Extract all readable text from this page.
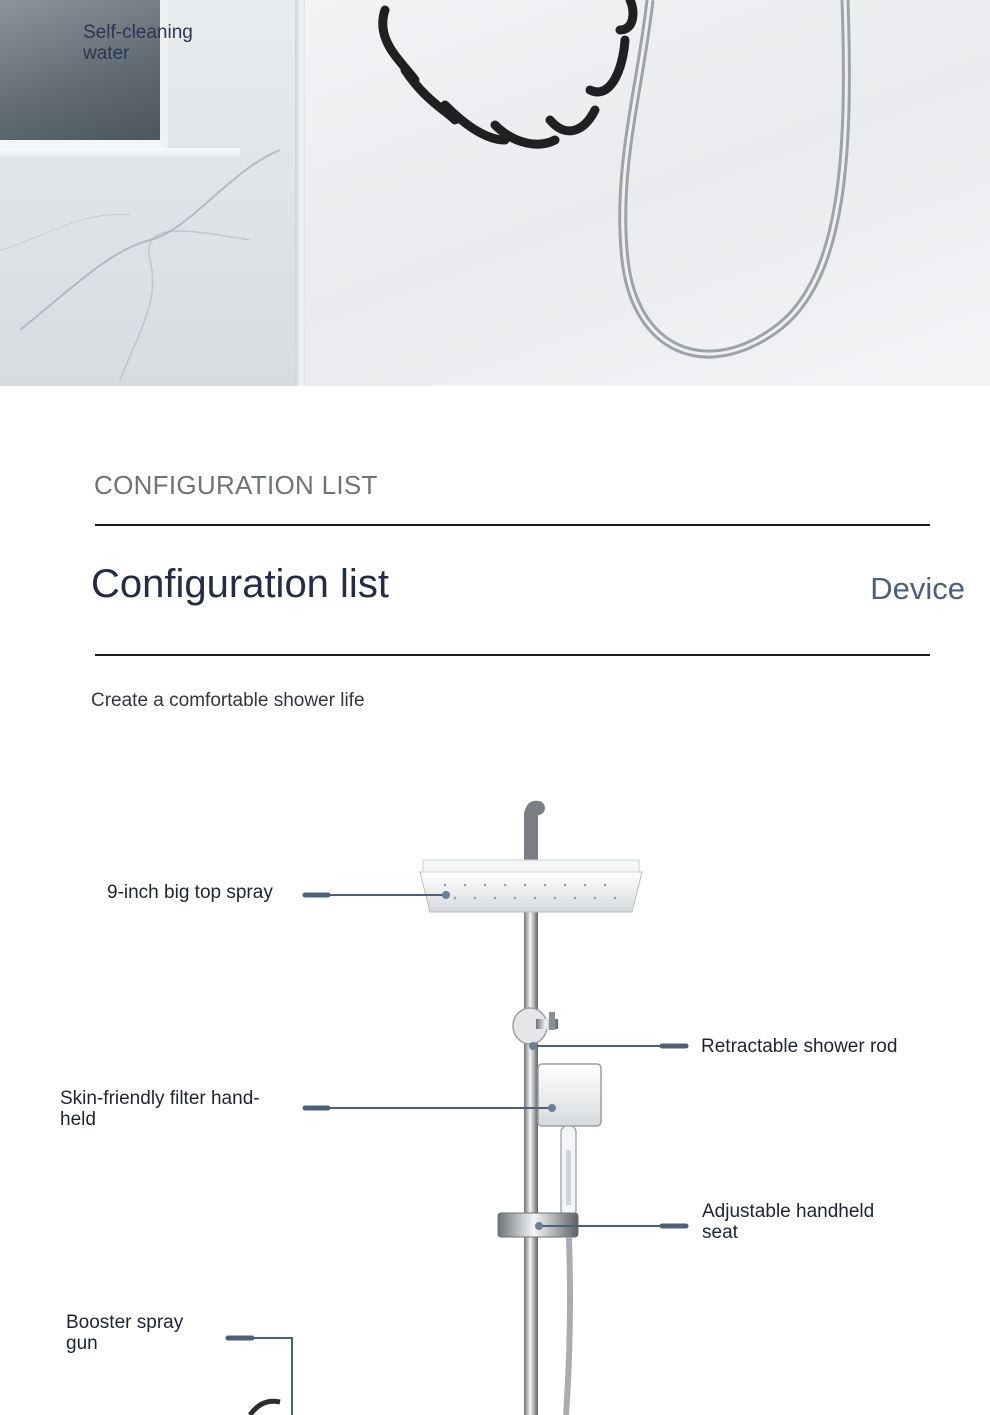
Self-cleaning water
CONFIGURATION LIST
Configuration list	Device
Create a comfortable shower life
9-inch big top spray
Retractable shower rod
Skin-friendly filter hand-held
Adjustable handheld seat
Booster spray gun
